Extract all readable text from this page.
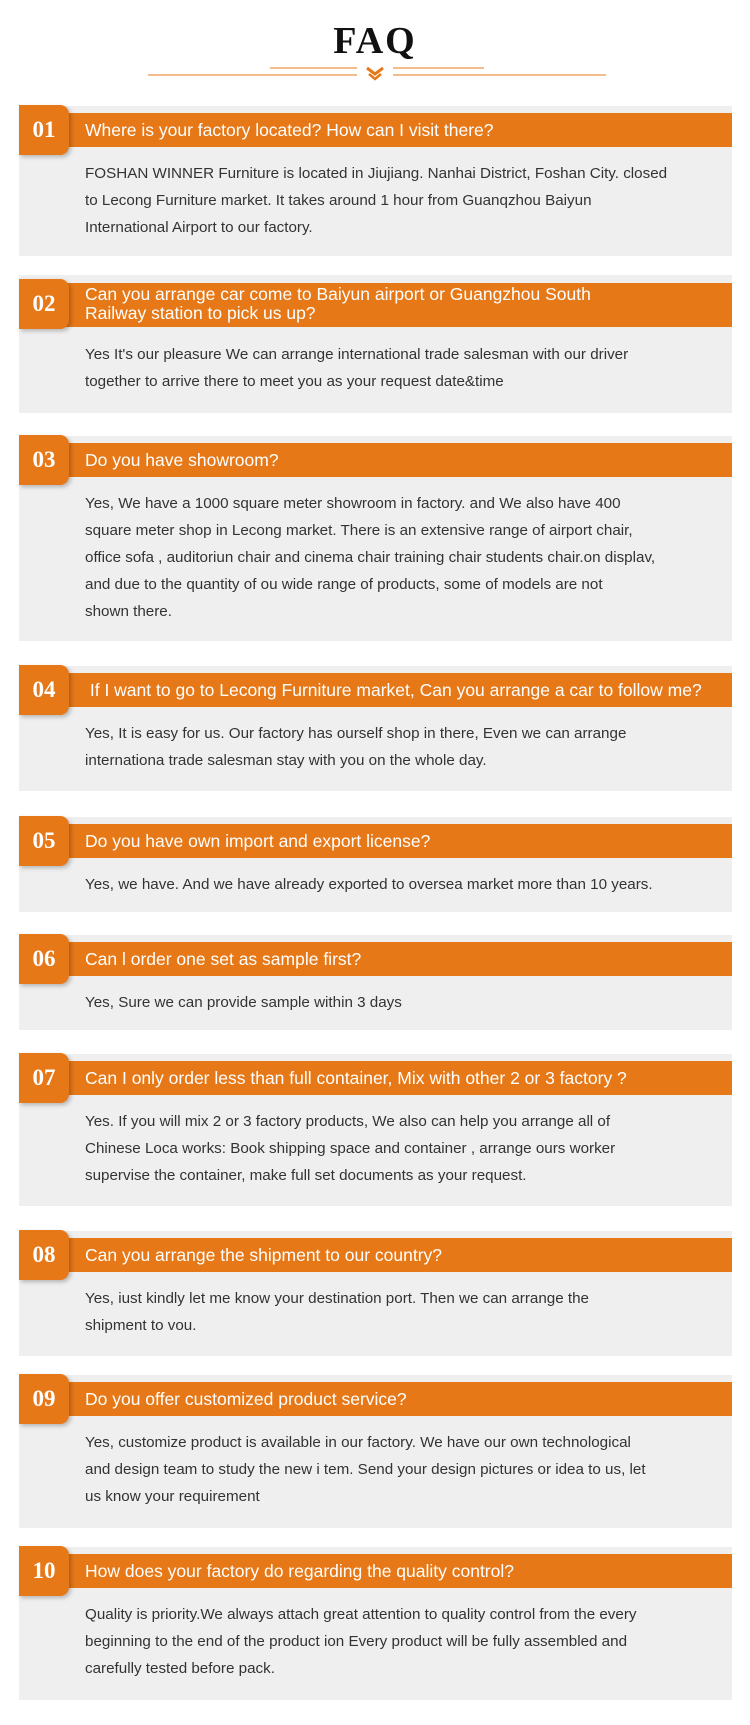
FAQ
01	Where is your factory located? How can I visit there?
FOSHAN WINNER Furniture is located in Jiujiang. Nanhai District, Foshan City. closed
to Lecong Furniture market. It takes around 1 hour from Guanqzhou Baiyun
International Airport to our factory.
02	Can you arrange car come to Baiyun airport or Guangzhou South
Railway station to pick us up?
Yes It's our pleasure We can arrange international trade salesman with our driver
together to arrive there to meet you as your request date&time
03	Do you have showroom?
Yes, We have a 1000 square meter showroom in factory. and We also have 400
square meter shop in Lecong market. There is an extensive range of airport chair,
office sofa , auditoriun chair and cinema chair training chair students chair.on displav,
and due to the quantity of ou wide range of products, some of models are not
shown there.
04	If I want to go to Lecong Furniture market, Can you arrange a car to follow me?
Yes, It is easy for us. Our factory has ourself shop in there, Even we can arrange
internationa trade salesman stay with you on the whole day.
05	Do you have own import and export license?
Yes, we have. And we have already exported to oversea market more than 10 years.
06	Can l order one set as sample first?
Yes, Sure we can provide sample within 3 days
07	Can I only order less than full container, Mix with other 2 or 3 factory ?
Yes. If you will mix 2 or 3 factory products, We also can help you arrange all of
Chinese Loca works: Book shipping space and container , arrange ours worker
supervise the container, make full set documents as your request.
08	Can you arrange the shipment to our country?
Yes, iust kindly let me know your destination port. Then we can arrange the
shipment to vou.
09	Do you offer customized product service?
Yes, customize product is available in our factory. We have our own technological
and design team to study the new i tem. Send your design pictures or idea to us, let
us know your requirement
10	How does your factory do regarding the quality control?
Quality is priority.We always attach great attention to quality control from the every
beginning to the end of the product ion Every product will be fully assembled and
carefully tested before pack.
